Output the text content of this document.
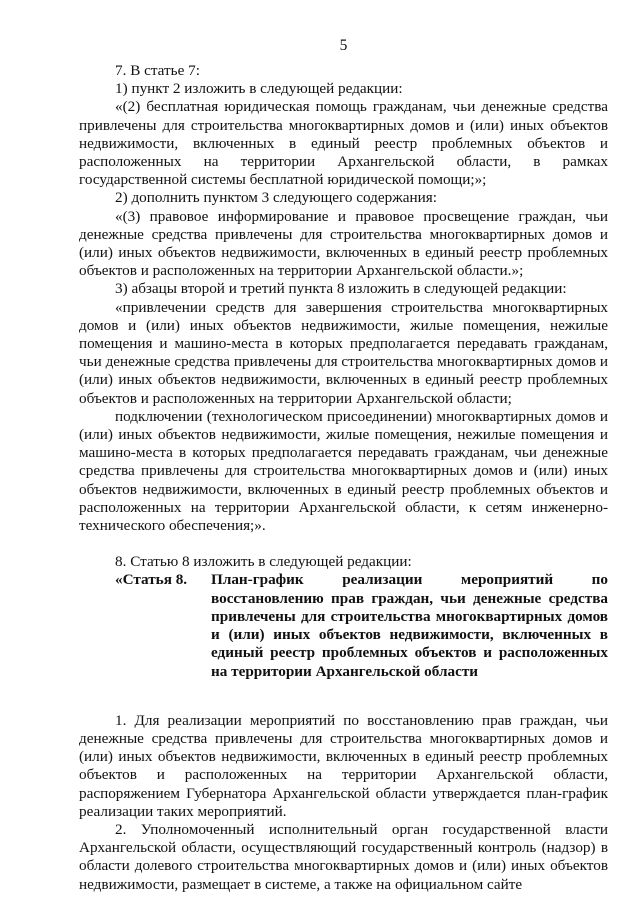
5

7. В статье 7:

1) пункт 2 изложить в следующей редакции:

«(2) бесплатная юридическая помощь гражданам, чьи денежные средства привлечены для строительства многоквартирных домов и (или) иных объектов недвижимости, включенных в единый реестр проблемных объектов и расположенных на территории Архангельской области, в рамках государственной системы бесплатной юридической помощи;»;

2) дополнить пунктом 3 следующего содержания:

«(3) правовое информирование и правовое просвещение граждан, чьи денежные средства привлечены для строительства многоквартирных домов и (или) иных объектов недвижимости, включенных в единый реестр проблемных объектов и расположенных на территории Архангельской области.»;

3) абзацы второй и третий пункта 8 изложить в следующей редакции:

«привлечении средств для завершения строительства многоквартирных домов и (или) иных объектов недвижимости, жилые помещения, нежилые помещения и машино-места в которых предполагается передавать гражданам, чьи денежные средства привлечены для строительства многоквартирных домов и (или) иных объектов недвижимости, включенных в единый реестр проблемных объектов и расположенных на территории Архангельской области;

подключении (технологическом присоединении) многоквартирных домов и (или) иных объектов недвижимости, жилые помещения, нежилые помещения и машино-места в которых предполагается передавать гражданам, чьи денежные средства привлечены для строительства многоквартирных домов и (или) иных объектов недвижимости, включенных в единый реестр проблемных объектов и расположенных на территории Архангельской области, к сетям инженерно-технического обеспечения;».

8. Статью 8 изложить в следующей редакции:

«Статья 8.	План-график реализации мероприятий по восстановлению прав граждан, чьи денежные средства привлечены для строительства многоквартирных домов и (или) иных объектов недвижимости, включенных в единый реестр проблемных объектов и расположенных на территории Архангельской области

1. Для реализации мероприятий по восстановлению прав граждан, чьи денежные средства привлечены для строительства многоквартирных домов и (или) иных объектов недвижимости, включенных в единый реестр проблемных объектов и расположенных на территории Архангельской области, распоряжением Губернатора Архангельской области утверждается план-график реализации таких мероприятий.

2. Уполномоченный исполнительный орган государственной власти Архангельской области, осуществляющий государственный контроль (надзор) в области долевого строительства многоквартирных домов и (или) иных объектов недвижимости, размещает в системе, а также на официальном сайте
